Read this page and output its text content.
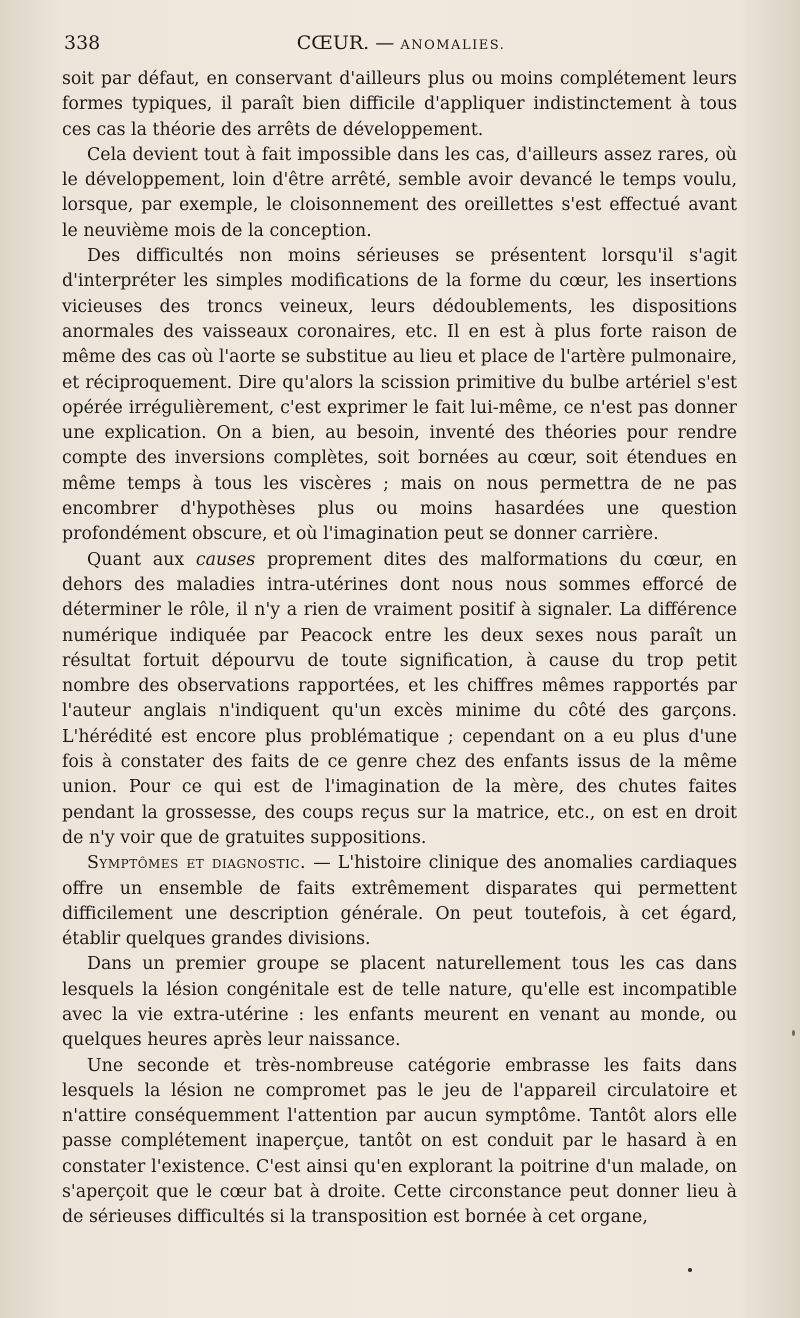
338	CŒUR. — ANOMALIES.

soit par défaut, en conservant d'ailleurs plus ou moins complétement leurs formes typiques, il paraît bien difficile d'appliquer indistinctement à tous ces cas la théorie des arrêts de développement.

Cela devient tout à fait impossible dans les cas, d'ailleurs assez rares, où le développement, loin d'être arrêté, semble avoir devancé le temps voulu, lorsque, par exemple, le cloisonnement des oreillettes s'est effectué avant le neuvième mois de la conception.

Des difficultés non moins sérieuses se présentent lorsqu'il s'agit d'interpréter les simples modifications de la forme du cœur, les insertions vicieuses des troncs veineux, leurs dédoublements, les dispositions anormales des vaisseaux coronaires, etc. Il en est à plus forte raison de même des cas où l'aorte se substitue au lieu et place de l'artère pulmonaire, et réciproquement. Dire qu'alors la scission primitive du bulbe artériel s'est opérée irrégulièrement, c'est exprimer le fait lui-même, ce n'est pas donner une explication. On a bien, au besoin, inventé des théories pour rendre compte des inversions complètes, soit bornées au cœur, soit étendues en même temps à tous les viscères ; mais on nous permettra de ne pas encombrer d'hypothèses plus ou moins hasardées une question profondément obscure, et où l'imagination peut se donner carrière.

Quant aux causes proprement dites des malformations du cœur, en dehors des maladies intra-utérines dont nous nous sommes efforcé de déterminer le rôle, il n'y a rien de vraiment positif à signaler. La différence numérique indiquée par Peacock entre les deux sexes nous paraît un résultat fortuit dépourvu de toute signification, à cause du trop petit nombre des observations rapportées, et les chiffres mêmes rapportés par l'auteur anglais n'indiquent qu'un excès minime du côté des garçons. L'hérédité est encore plus problématique ; cependant on a eu plus d'une fois à constater des faits de ce genre chez des enfants issus de la même union. Pour ce qui est de l'imagination de la mère, des chutes faites pendant la grossesse, des coups reçus sur la matrice, etc., on est en droit de n'y voir que de gratuites suppositions.

Symptômes et diagnostic. — L'histoire clinique des anomalies cardiaques offre un ensemble de faits extrêmement disparates qui permettent difficilement une description générale. On peut toutefois, à cet égard, établir quelques grandes divisions.

Dans un premier groupe se placent naturellement tous les cas dans lesquels la lésion congénitale est de telle nature, qu'elle est incompatible avec la vie extra-utérine : les enfants meurent en venant au monde, ou quelques heures après leur naissance.

Une seconde et très-nombreuse catégorie embrasse les faits dans lesquels la lésion ne compromet pas le jeu de l'appareil circulatoire et n'attire conséquemment l'attention par aucun symptôme. Tantôt alors elle passe complétement inaperçue, tantôt on est conduit par le hasard à en constater l'existence. C'est ainsi qu'en explorant la poitrine d'un malade, on s'aperçoit que le cœur bat à droite. Cette circonstance peut donner lieu à de sérieuses difficultés si la transposition est bornée à cet organe,
